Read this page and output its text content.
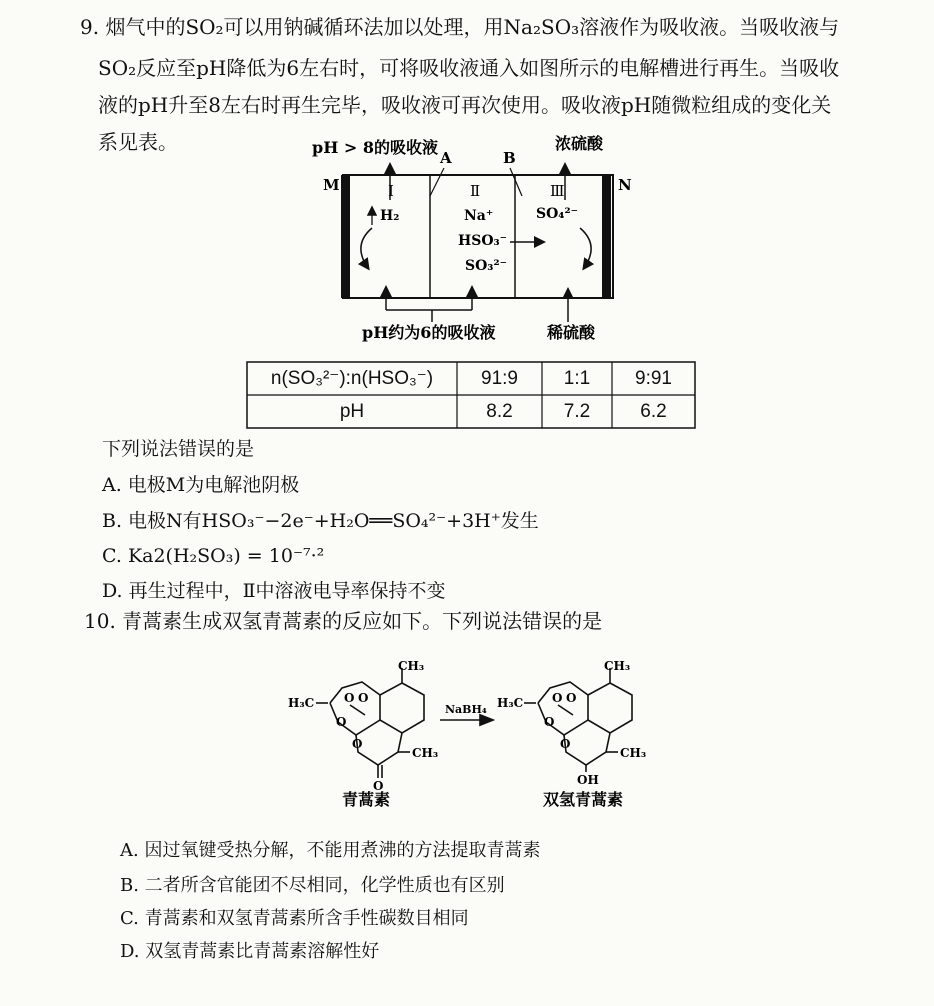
9. 烟气中的SO₂可以用钠碱循环法加以处理，用Na₂SO₃溶液作为吸收液。当吸收液与
SO₂反应至pH降低为6左右时，可将吸收液通入如图所示的电解槽进行再生。当吸收
液的pH升至8左右时再生完毕，吸收液可再次使用。吸收液pH随微粒组成的变化关
系见表。	pH > 8的吸收液	浓硫酸
A	B
M	N
Ⅰ	Ⅱ	Ⅲ
H₂	Na⁺
HSO₃⁻
SO₃²⁻
SO₄²⁻
pH约为6的吸收液	稀硫酸
n(SO₃²⁻):n(HSO₃⁻)	91:9	1:1	9:91
pH	8.2	7.2	6.2
下列说法错误的是
A. 电极M为电解池阴极
B. 电极N有HSO₃⁻−2e⁻+H₂O══SO₄²⁻+3H⁺发生
C. Ka2(H₂SO₃) = 10⁻⁷·²
D. 再生过程中，Ⅱ中溶液电导率保持不变
10. 青蒿素生成双氢青蒿素的反应如下。下列说法错误的是
CH₃
H₃C
CH₃
O O
O
O
O
青蒿素
NaBH₄
CH₃
H₃C
CH₃
O O
O
O
OH
双氢青蒿素
A. 因过氧键受热分解，不能用煮沸的方法提取青蒿素
B. 二者所含官能团不尽相同，化学性质也有区别
C. 青蒿素和双氢青蒿素所含手性碳数目相同
D. 双氢青蒿素比青蒿素溶解性好
